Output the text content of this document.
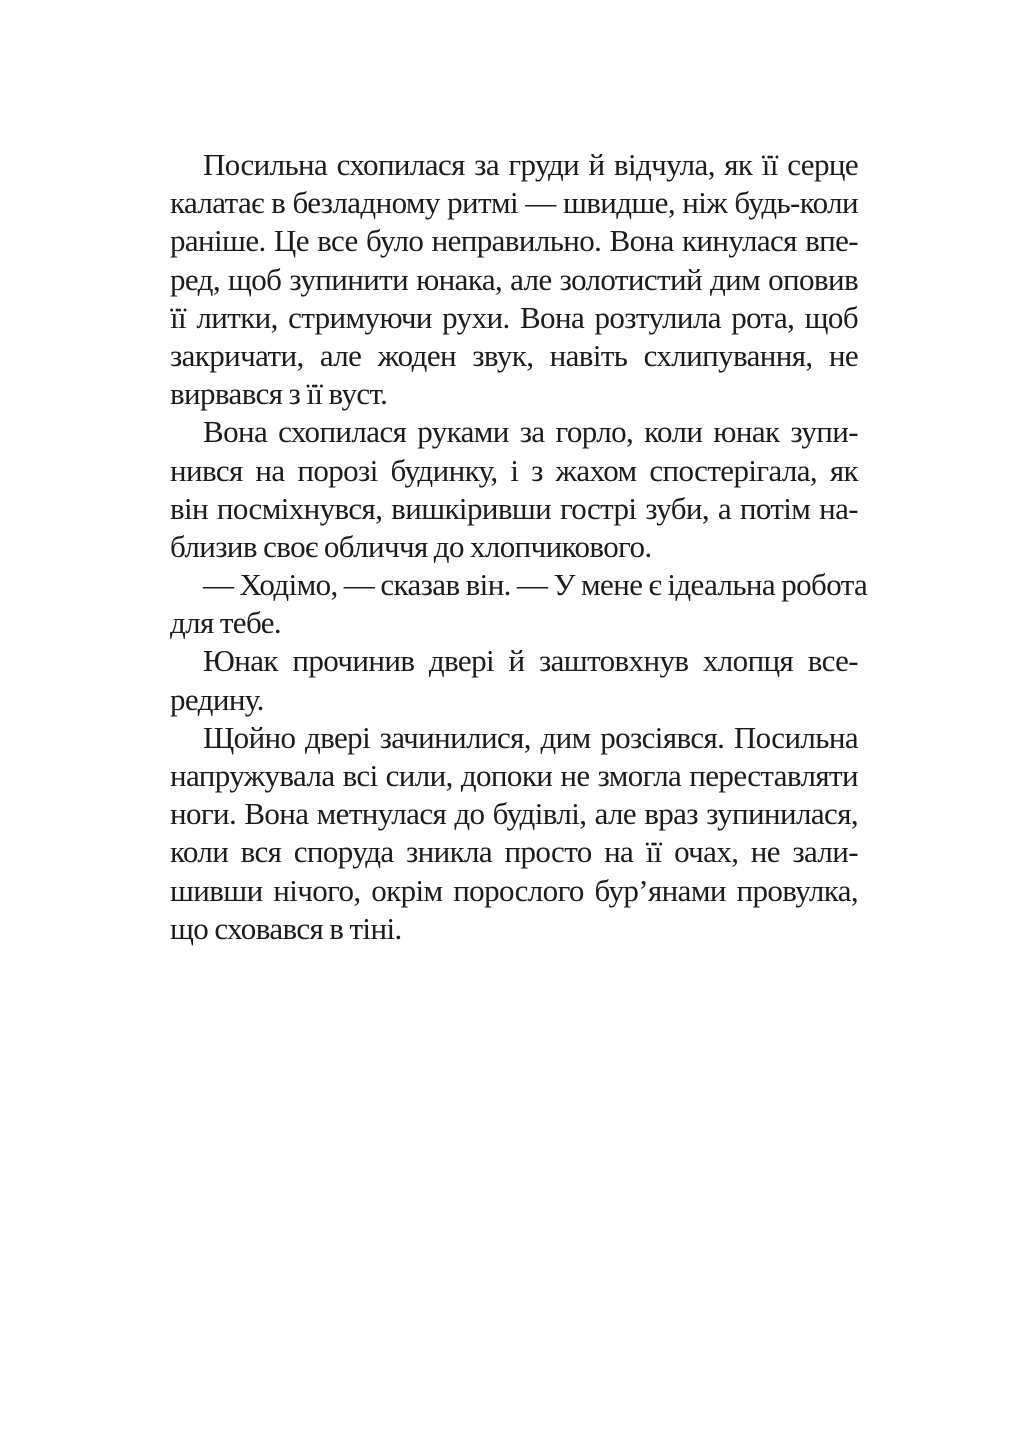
Посильна схопилася за груди й відчула, як її серце
калатає в безладному ритмі — швидше, ніж будь-коли
раніше. Це все було неправильно. Вона кинулася впе-
ред, щоб зупинити юнака, але золотистий дим оповив
її литки, стримуючи рухи. Вона розтулила рота, щоб
закричати, але жоден звук, навіть схлипування, не
вирвався з її вуст.
Вона схопилася руками за горло, коли юнак зупи-
нився на порозі будинку, і з жахом спостерігала, як
він посміхнувся, вишкіривши гострі зуби, а потім на-
близив своє обличчя до хлопчикового.
— Ходімо, — сказав він. — У мене є ідеальна робота
для тебе.
Юнак прочинив двері й заштовхнув хлопця все-
редину.
Щойно двері зачинилися, дим розсіявся. Посильна
напружувала всі сили, допоки не змогла переставляти
ноги. Вона метнулася до будівлі, але враз зупинилася,
коли вся споруда зникла просто на її очах, не зали-
шивши нічого, окрім порослого бур’янами провулка,
що сховався в тіні.
